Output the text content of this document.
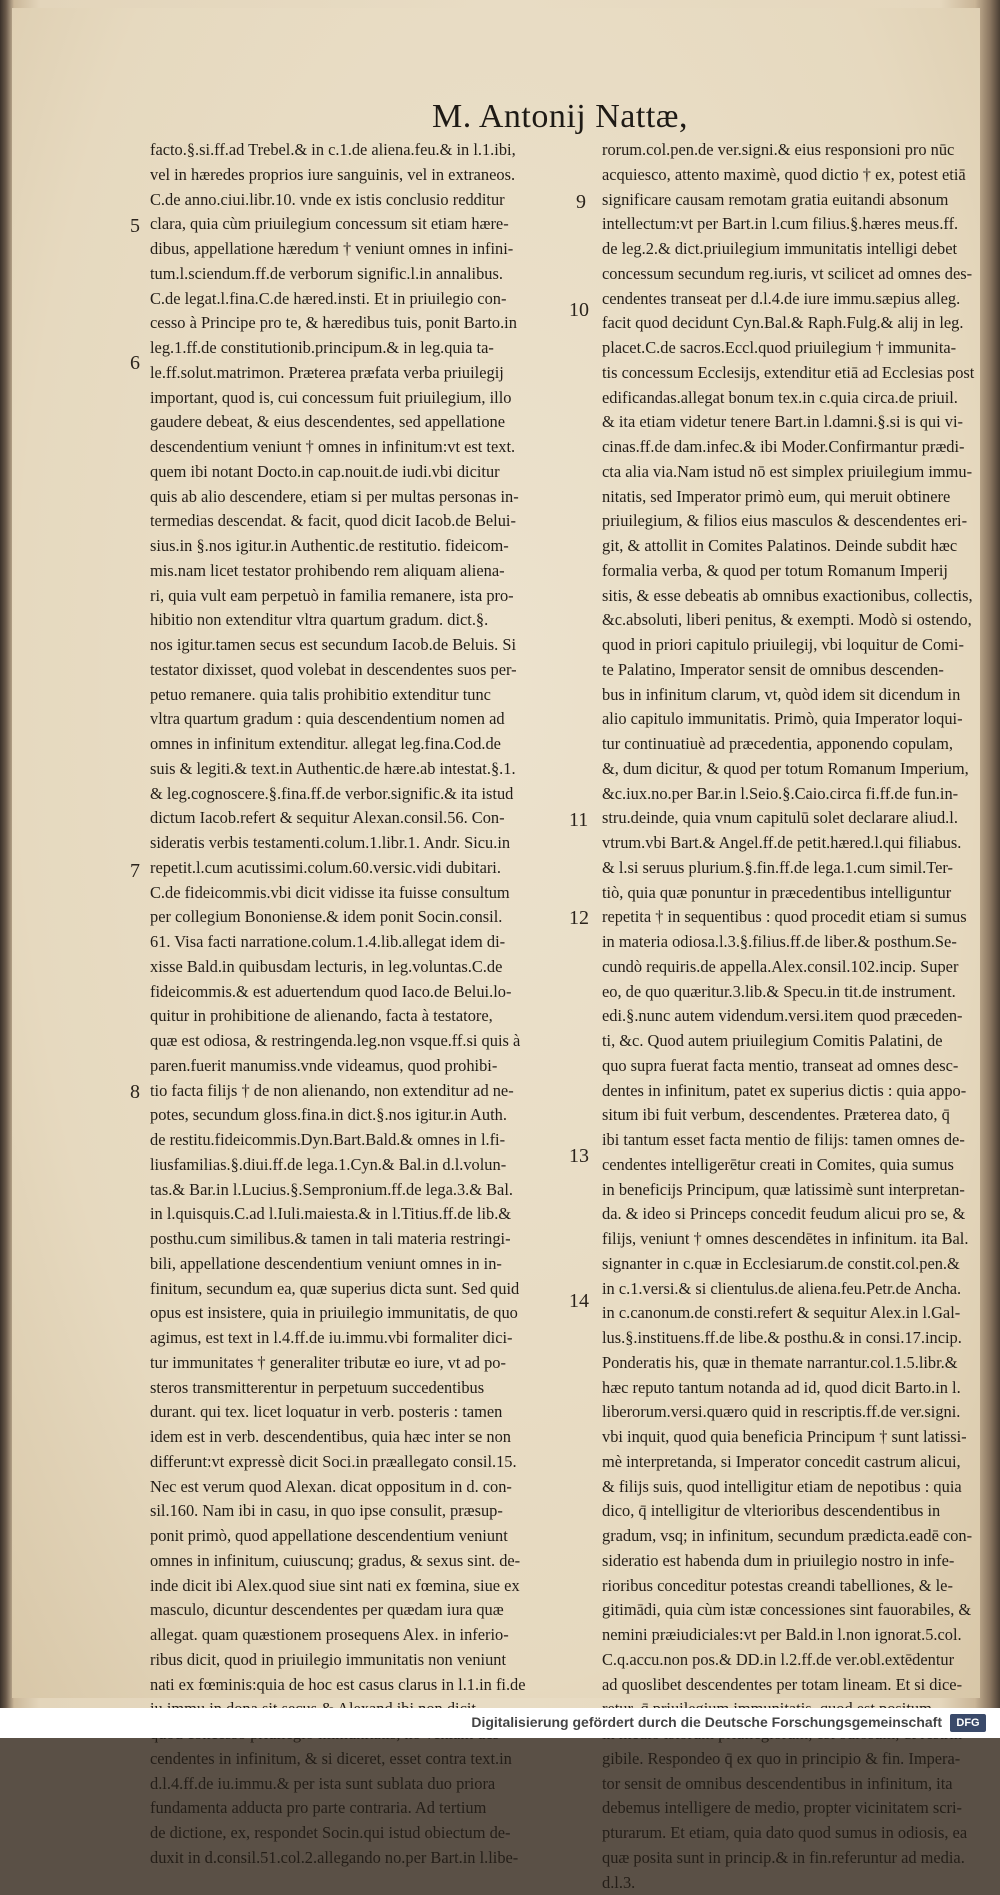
M. Antonij Nattæ,
5
6
7
8
9
10
11
12
13
14
facto.§.si.ff.ad Trebel.& in c.1.de aliena.feu.& in l.1.ibi,
vel in hæredes proprios iure sanguinis, vel in extraneos.
C.de anno.ciui.libr.10. vnde ex istis conclusio redditur
clara, quia cùm priuilegium concessum sit etiam hære-
dibus, appellatione hæredum † veniunt omnes in infini-
tum.l.sciendum.ff.de verborum signific.l.in annalibus.
C.de legat.l.fina.C.de hæred.insti. Et in priuilegio con-
cesso à Principe pro te, & hæredibus tuis, ponit Barto.in
leg.1.ff.de constitutionib.principum.& in leg.quia ta-
le.ff.solut.matrimon. Præterea præfata verba priuilegij
important, quod is, cui concessum fuit priuilegium, illo
gaudere debeat, & eius descendentes, sed appellatione
descendentium veniunt † omnes in infinitum:vt est text.
quem ibi notant Docto.in cap.nouit.de iudi.vbi dicitur
quis ab alio descendere, etiam si per multas personas in-
termedias descendat. & facit, quod dicit Iacob.de Belui-
sius.in §.nos igitur.in Authentic.de restitutio. fideicom-
mis.nam licet testator prohibendo rem aliquam aliena-
ri, quia vult eam perpetuò in familia remanere, ista pro-
hibitio non extenditur vltra quartum gradum. dict.§.
nos igitur.tamen secus est secundum Iacob.de Beluis. Si
testator dixisset, quod volebat in descendentes suos per-
petuo remanere. quia talis prohibitio extenditur tunc
vltra quartum gradum : quia descendentium nomen ad
omnes in infinitum extenditur. allegat leg.fina.Cod.de
suis & legiti.& text.in Authentic.de hære.ab intestat.§.1.
& leg.cognoscere.§.fina.ff.de verbor.signific.& ita istud
dictum Iacob.refert & sequitur Alexan.consil.56. Con-
sideratis verbis testamenti.colum.1.libr.1. Andr. Sicu.in
repetit.l.cum acutissimi.colum.60.versic.vidi dubitari.
C.de fideicommis.vbi dicit vidisse ita fuisse consultum
per collegium Bononiense.& idem ponit Socin.consil.
61. Visa facti narratione.colum.1.4.lib.allegat idem di-
xisse Bald.in quibusdam lecturis, in leg.voluntas.C.de
fideicommis.& est aduertendum quod Iaco.de Belui.lo-
quitur in prohibitione de alienando, facta à testatore,
quæ est odiosa, & restringenda.leg.non vsque.ff.si quis à
paren.fuerit manumiss.vnde videamus, quod prohibi-
tio facta filijs † de non alienando, non extenditur ad ne-
potes, secundum gloss.fina.in dict.§.nos igitur.in Auth.
de restitu.fideicommis.Dyn.Bart.Bald.& omnes in l.fi-
liusfamilias.§.diui.ff.de lega.1.Cyn.& Bal.in d.l.volun-
tas.& Bar.in l.Lucius.§.Sempronium.ff.de lega.3.& Bal.
in l.quisquis.C.ad l.Iuli.maiesta.& in l.Titius.ff.de lib.&
posthu.cum similibus.& tamen in tali materia restringi-
bili, appellatione descendentium veniunt omnes in in-
finitum, secundum ea, quæ superius dicta sunt. Sed quid
opus est insistere, quia in priuilegio immunitatis, de quo
agimus, est text in l.4.ff.de iu.immu.vbi formaliter dici-
tur immunitates † generaliter tributæ eo iure, vt ad po-
steros transmitterentur in perpetuum succedentibus
durant. qui tex. licet loquatur in verb. posteris : tamen
idem est in verb. descendentibus, quia hæc inter se non
differunt:vt expressè dicit Soci.in præallegato consil.15.
Nec est verum quod Alexan. dicat oppositum in d. con-
sil.160. Nam ibi in casu, in quo ipse consulit, præsup-
ponit primò, quod appellatione descendentium veniunt
omnes in infinitum, cuiuscunq; gradus, & sexus sint. de-
inde dicit ibi Alex.quod siue sint nati ex fœmina, siue ex
masculo, dicuntur descendentes per quædam iura quæ
allegat. quam quæstionem prosequens Alex. in inferio-
ribus dicit, quod in priuilegio immunitatis non veniunt
nati ex fœminis:quia de hoc est casus clarus in l.1.in fi.de
cendentes in infinitum, & si diceret, esset contra text.in
d.l.4.ff.de iu.immu.& per ista sunt sublata duo priora
fundamenta adducta pro parte contraria. Ad tertium
de dictione, ex, respondet Socin.qui istud obiectum de-
duxit in d.consil.51.col.2.allegando no.per Bart.in l.libe-
rorum.col.pen.de ver.signi.& eius responsioni pro nūc
acquiesco, attento maximè, quod dictio † ex, potest etiā
significare causam remotam gratia euitandi absonum
intellectum:vt per Bart.in l.cum filius.§.hæres meus.ff.
de leg.2.& dict.priuilegium immunitatis intelligi debet
concessum secundum reg.iuris, vt scilicet ad omnes des-
cendentes transeat per d.l.4.de iure immu.sæpius alleg.
facit quod decidunt Cyn.Bal.& Raph.Fulg.& alij in leg.
placet.C.de sacros.Eccl.quod priuilegium † immunita-
tis concessum Ecclesijs, extenditur etiā ad Ecclesias post
edificandas.allegat bonum tex.in c.quia circa.de priuil.
& ita etiam videtur tenere Bart.in l.damni.§.si is qui vi-
cinas.ff.de dam.infec.& ibi Moder.Confirmantur prædi-
cta alia via.Nam istud nō est simplex priuilegium immu-
nitatis, sed Imperator primò eum, qui meruit obtinere
priuilegium, & filios eius masculos & descendentes eri-
git, & attollit in Comites Palatinos. Deinde subdit hæc
formalia verba, & quod per totum Romanum Imperij
sitis, & esse debeatis ab omnibus exactionibus, collectis,
&c.absoluti, liberi penitus, & exempti. Modò si ostendo,
quod in priori capitulo priuilegij, vbi loquitur de Comi-
te Palatino, Imperator sensit de omnibus descenden-
bus in infinitum clarum, vt, quòd idem sit dicendum in
alio capitulo immunitatis. Primò, quia Imperator loqui-
tur continuatiuè ad præcedentia, apponendo copulam,
&, dum dicitur, & quod per totum Romanum Imperium,
&c.iux.no.per Bar.in l.Seio.§.Caio.circa fi.ff.de fun.in-
stru.deinde, quia vnum capitulū solet declarare aliud.l.
vtrum.vbi Bart.& Angel.ff.de petit.hæred.l.qui filiabus.
& l.si seruus plurium.§.fin.ff.de lega.1.cum simil.Ter-
tiò, quia quæ ponuntur in præcedentibus intelliguntur
repetita † in sequentibus : quod procedit etiam si sumus
in materia odiosa.l.3.§.filius.ff.de liber.& posthum.Se-
cundò requiris.de appella.Alex.consil.102.incip. Super
eo, de quo quæritur.3.lib.& Specu.in tit.de instrument.
edi.§.nunc autem videndum.versi.item quod præceden-
ti, &c. Quod autem priuilegium Comitis Palatini, de
quo supra fuerat facta mentio, transeat ad omnes desc-
dentes in infinitum, patet ex superius dictis : quia appo-
situm ibi fuit verbum, descendentes. Præterea dato, q̄
ibi tantum esset facta mentio de filijs: tamen omnes de-
cendentes intelligerētur creati in Comites, quia sumus
in beneficijs Principum, quæ latissimè sunt interpretan-
da. & ideo si Princeps concedit feudum alicui pro se, &
filijs, veniunt † omnes descendētes in infinitum. ita Bal.
signanter in c.quæ in Ecclesiarum.de constit.col.pen.&
in c.1.versi.& si clientulus.de aliena.feu.Petr.de Ancha.
in c.canonum.de consti.refert & sequitur Alex.in l.Gal-
lus.§.instituens.ff.de libe.& posthu.& in consi.17.incip.
Ponderatis his, quæ in themate narrantur.col.1.5.libr.&
hæc reputo tantum notanda ad id, quod dicit Barto.in l.
liberorum.versi.quæro quid in rescriptis.ff.de ver.signi.
vbi inquit, quod quia beneficia Principum † sunt latissi-
mè interpretanda, si Imperator concedit castrum alicui,
& filijs suis, quod intelligitur etiam de nepotibus : quia
dico, q̄ intelligitur de vlterioribus descendentibus in
gradum, vsq; in infinitum, secundum prædicta.eadē con-
sideratio est habenda dum in priuilegio nostro in infe-
rioribus conceditur potestas creandi tabelliones, & le-
gitimādi, quia cùm istæ concessiones sint fauorabiles, &
nemini præiudiciales:vt per Bald.in l.non ignorat.5.col.
C.q.accu.non pos.& DD.in l.2.ff.de ver.obl.extēdentur
ad quoslibet descendentes per totam lineam. Et si dice-
gibile. Respondeo q̄ ex quo in principio & fin. Impera-
tor sensit de omnibus descendentibus in infinitum, ita
debemus intelligere de medio, propter vicinitatem scri-
pturarum. Et etiam, quia dato quod sumus in odiosis, ea
quæ posita sunt in princip.& in fin.referuntur ad media.
d.l.3.
Digitalisierung gefördert durch die Deutsche Forschungsgemeinschaft	DFG
